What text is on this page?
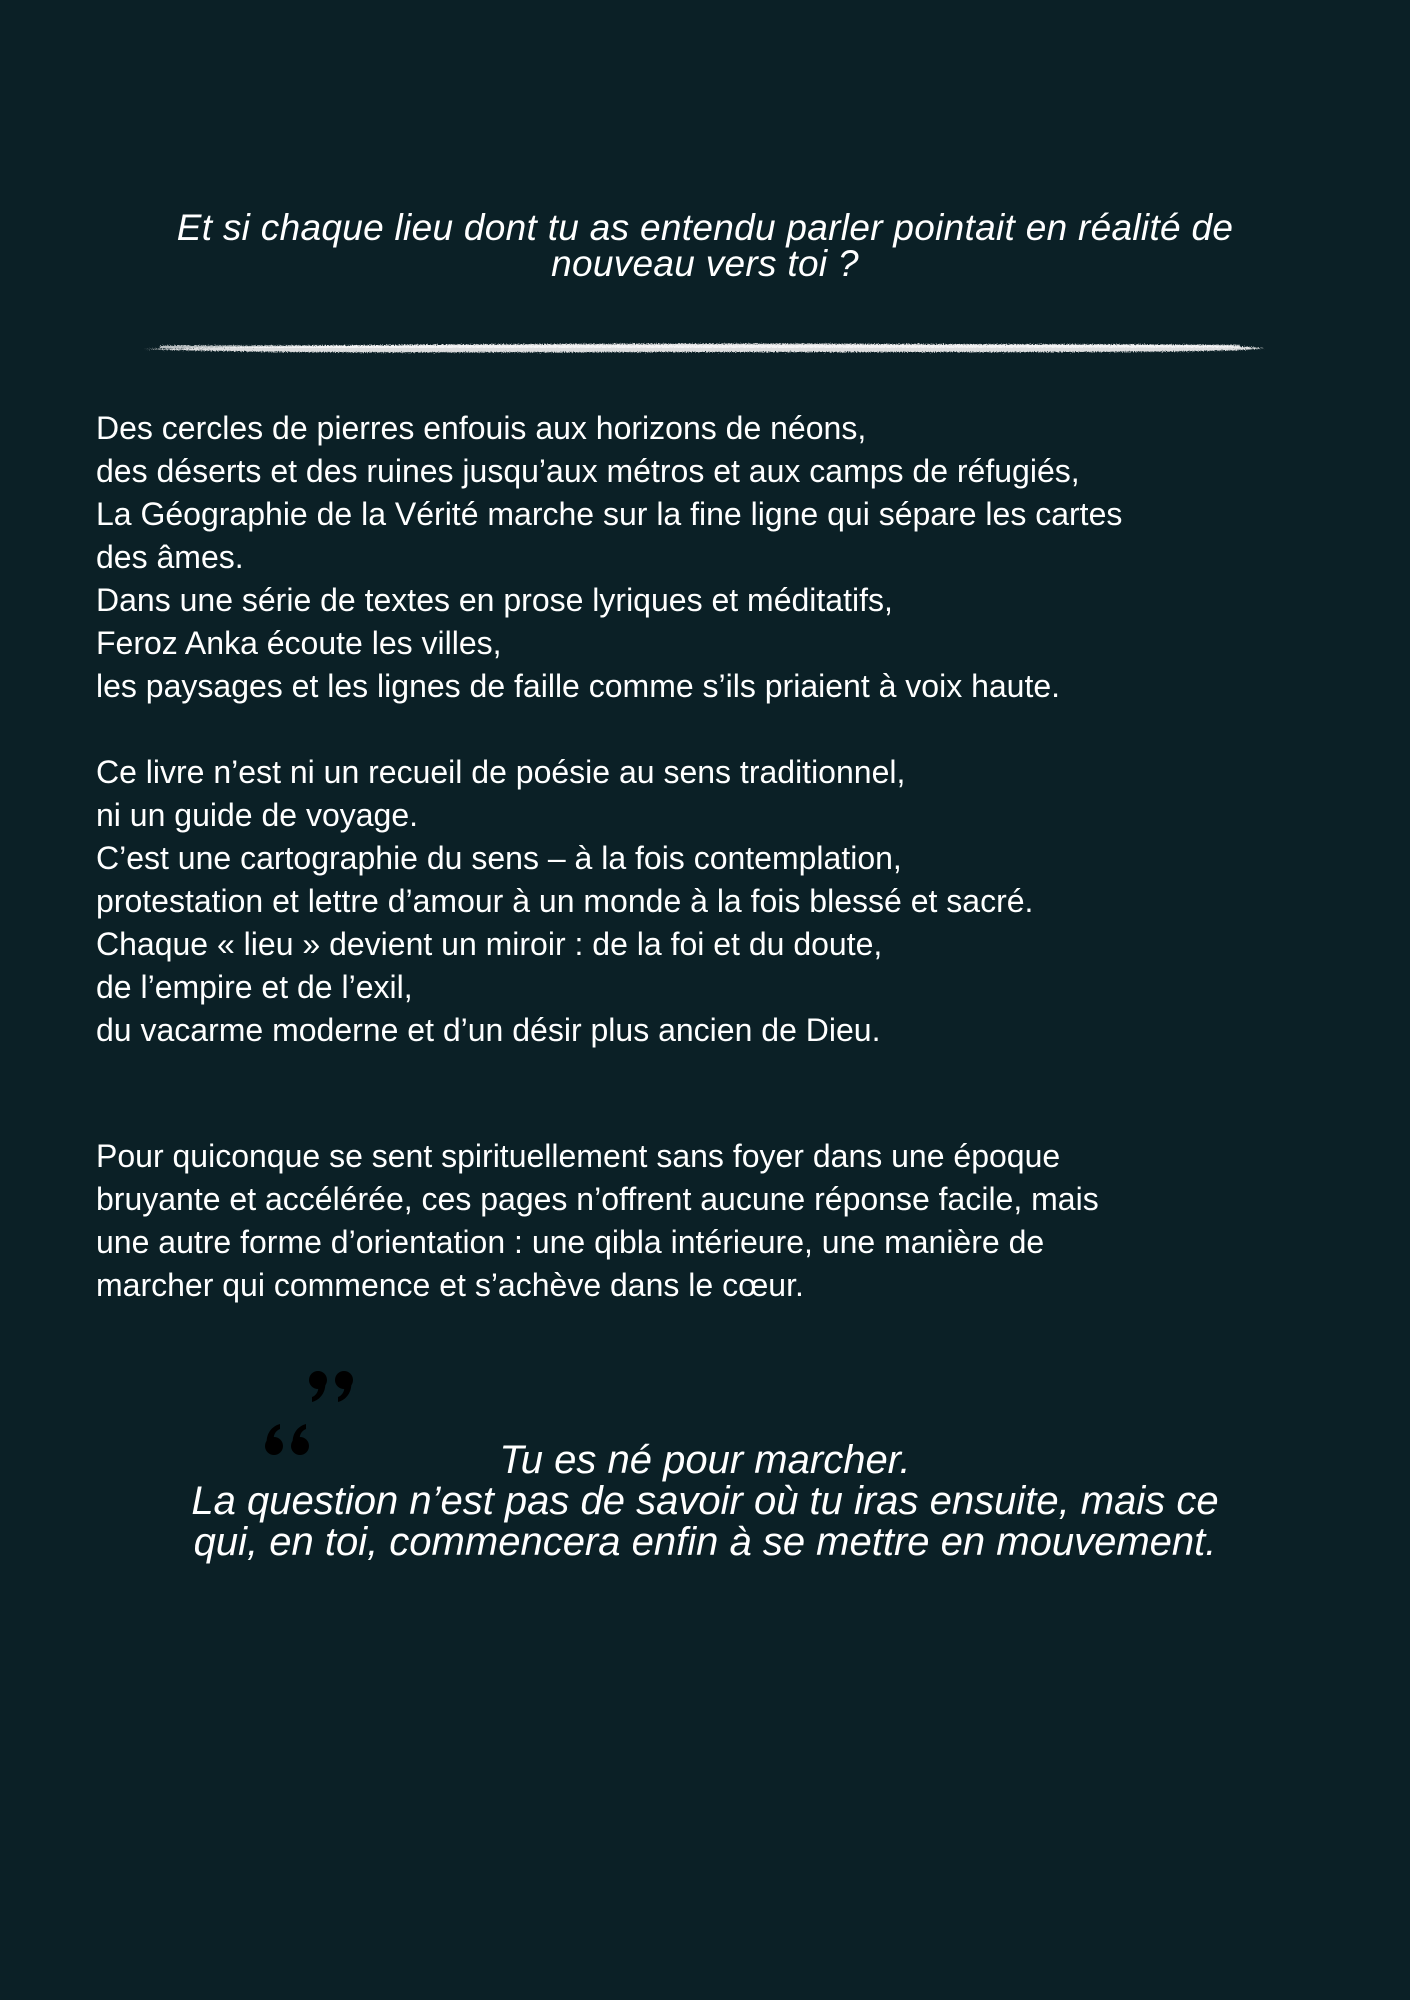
Et si chaque lieu dont tu as entendu parler pointait en réalité de
nouveau vers toi ?

Des cercles de pierres enfouis aux horizons de néons,
des déserts et des ruines jusqu’aux métros et aux camps de réfugiés,
La Géographie de la Vérité marche sur la fine ligne qui sépare les cartes
des âmes.
Dans une série de textes en prose lyriques et méditatifs,
Feroz Anka écoute les villes,
les paysages et les lignes de faille comme s’ils priaient à voix haute.

Ce livre n’est ni un recueil de poésie au sens traditionnel,
ni un guide de voyage.
C’est une cartographie du sens – à la fois contemplation,
protestation et lettre d’amour à un monde à la fois blessé et sacré.
Chaque « lieu » devient un miroir : de la foi et du doute,
de l’empire et de l’exil,
du vacarme moderne et d’un désir plus ancien de Dieu.

Pour quiconque se sent spirituellement sans foyer dans une époque
bruyante et accélérée, ces pages n’offrent aucune réponse facile, mais
une autre forme d’orientation : une qibla intérieure, une manière de
marcher qui commence et s’achève dans le cœur.

Tu es né pour marcher.
La question n’est pas de savoir où tu iras ensuite, mais ce
qui, en toi, commencera enfin à se mettre en mouvement.
